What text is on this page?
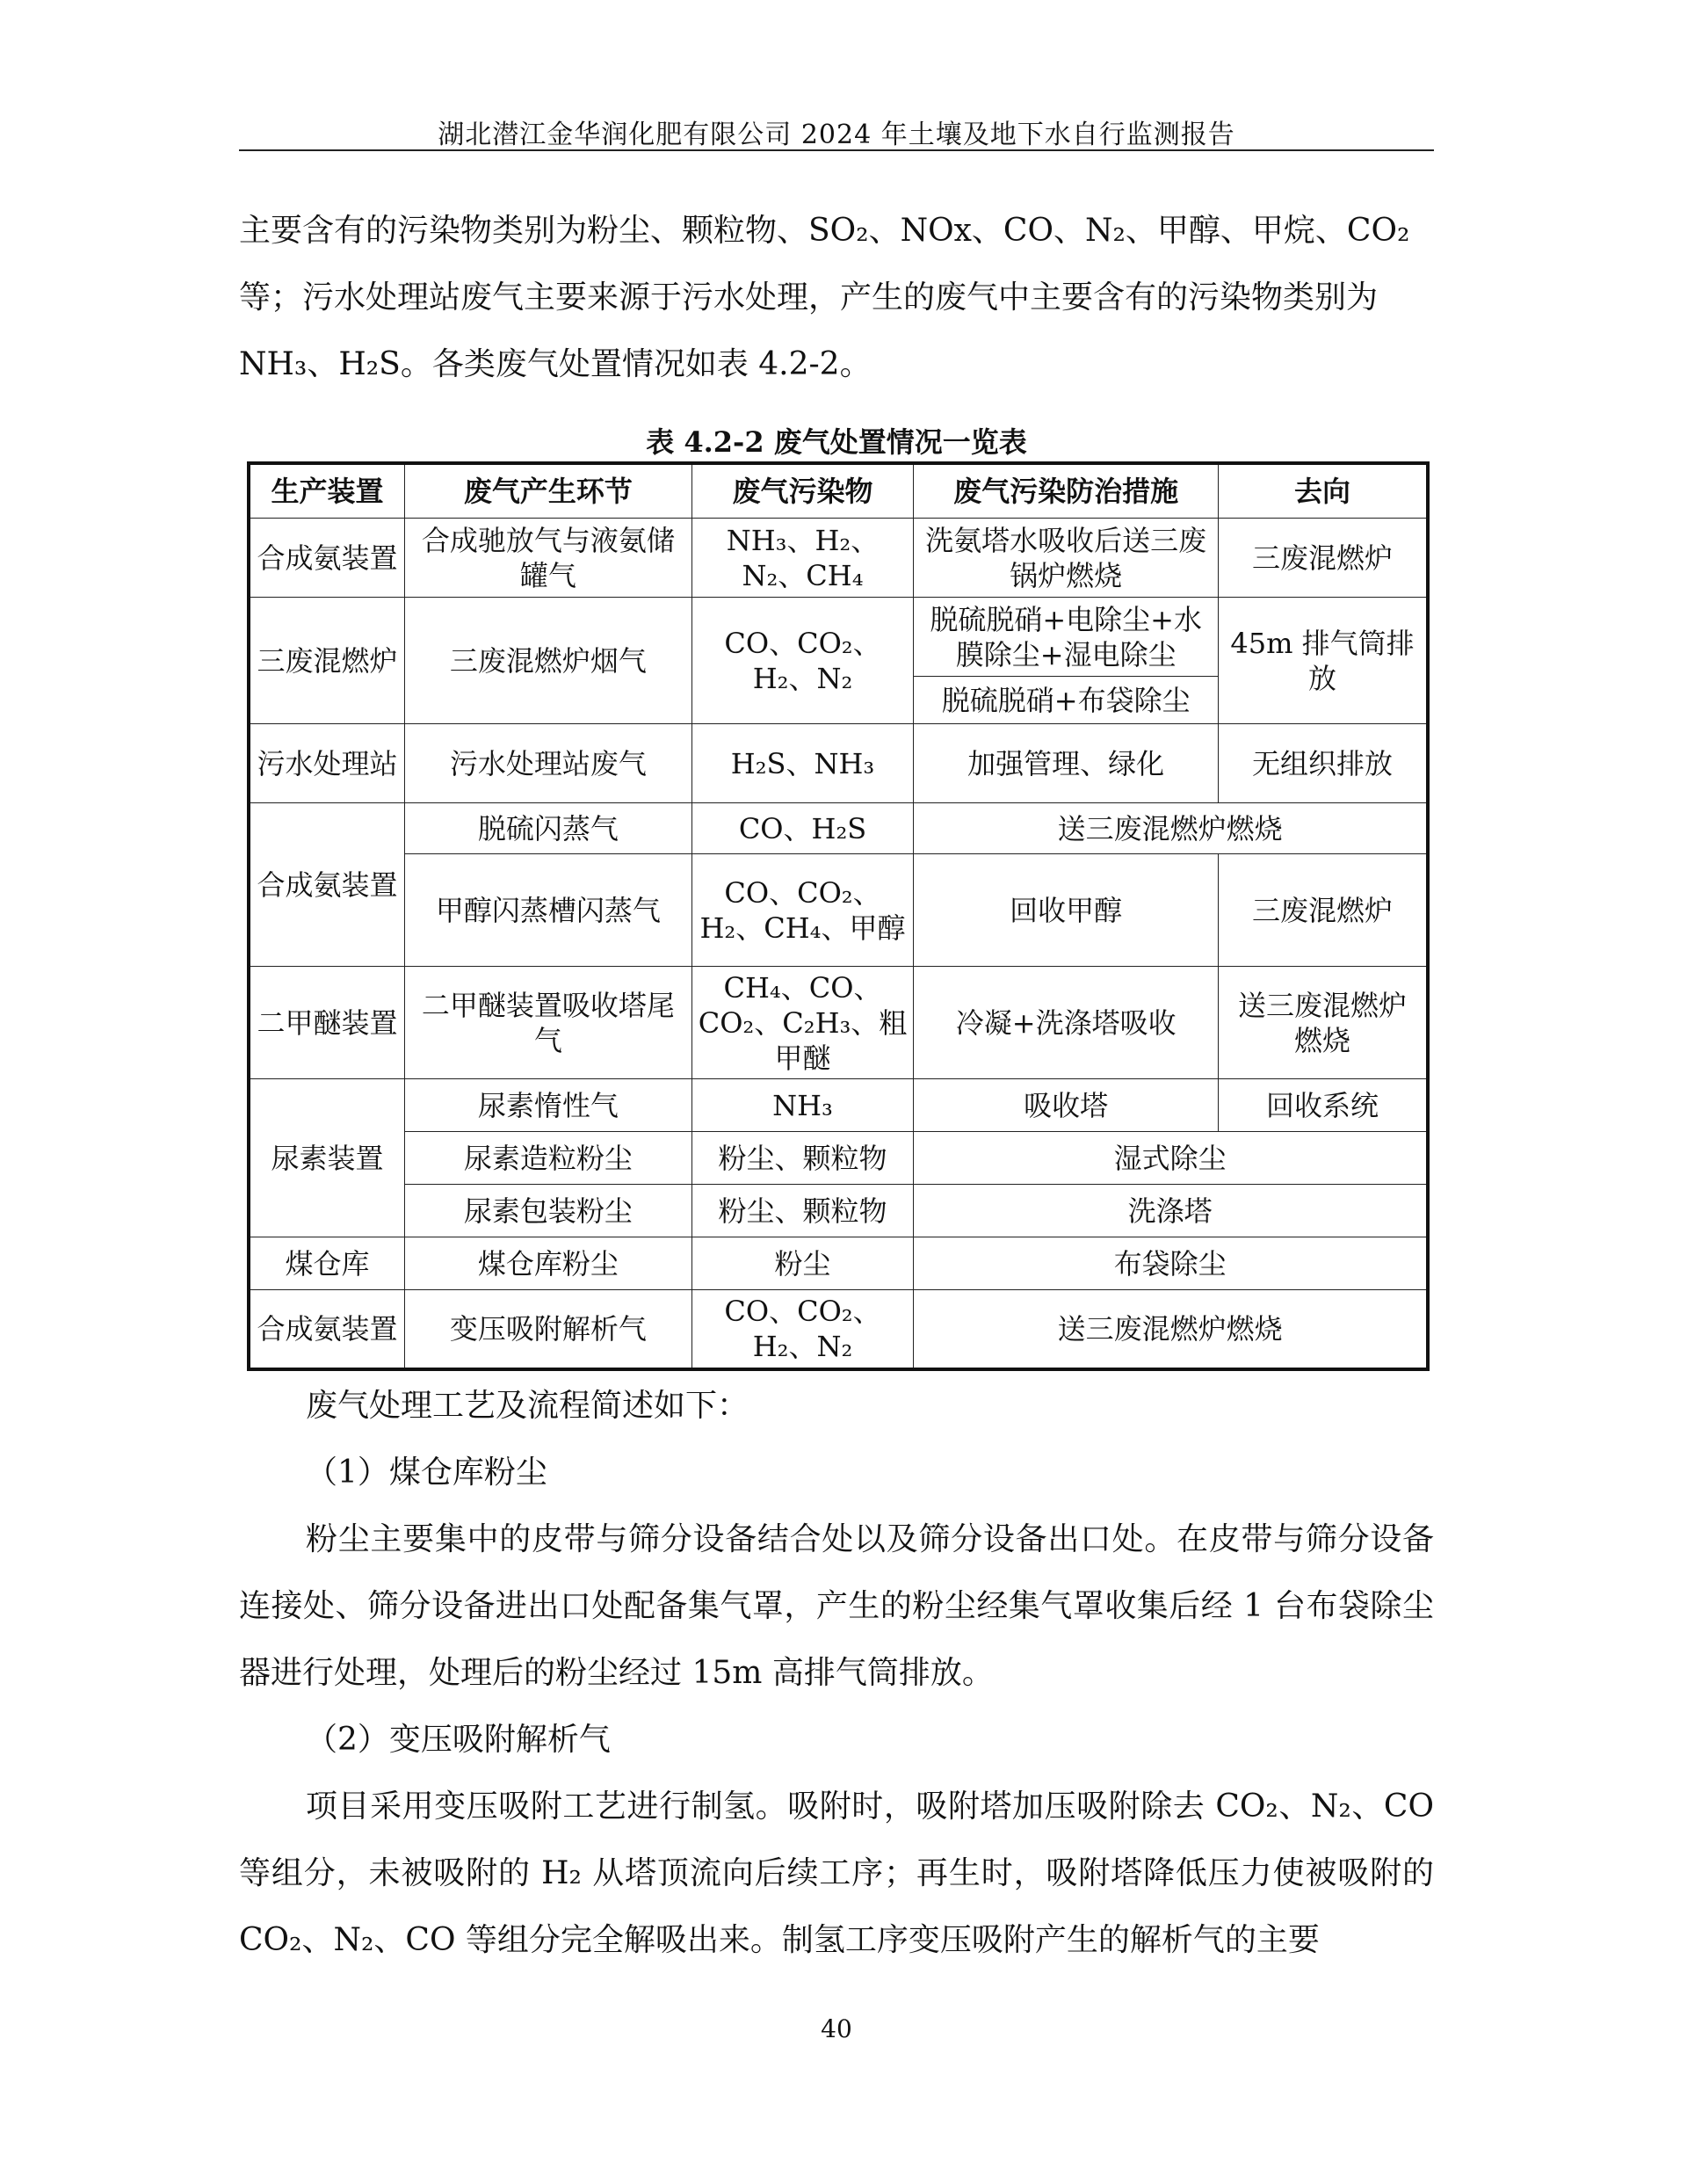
湖北潜江金华润化肥有限公司 2024 年土壤及地下水自行监测报告

主要含有的污染物类别为粉尘、颗粒物、SO₂、NOx、CO、N₂、甲醇、甲烷、CO₂

等；污水处理站废气主要来源于污水处理，产生的废气中主要含有的污染物类别为

NH₃、H₂S。各类废气处置情况如表 4.2-2。

表 4.2-2 废气处置情况一览表
生产装置	废气产生环节	废气污染物	废气污染防治措施	去向
合成氨装置	合成驰放气与液氨储罐气	NH₃、H₂、N₂、CH₄	洗氨塔水吸收后送三废锅炉燃烧	三废混燃炉
三废混燃炉	三废混燃炉烟气	CO、CO₂、H₂、N₂	脱硫脱硝+电除尘+水膜除尘+湿电除尘	45m 排气筒排放
			脱硫脱硝+布袋除尘	
污水处理站	污水处理站废气	H₂S、NH₃	加强管理、绿化	无组织排放
合成氨装置	脱硫闪蒸气	CO、H₂S	送三废混燃炉燃烧	
	甲醇闪蒸槽闪蒸气	CO、CO₂、H₂、CH₄、甲醇	回收甲醇	三废混燃炉
二甲醚装置	二甲醚装置吸收塔尾气	CH₄、CO、CO₂、C₂H₃、粗甲醚	冷凝+洗涤塔吸收	送三废混燃炉燃烧
尿素装置	尿素惰性气	NH₃	吸收塔	回收系统
	尿素造粒粉尘	粉尘、颗粒物	湿式除尘	
	尿素包装粉尘	粉尘、颗粒物	洗涤塔	
煤仓库	煤仓库粉尘	粉尘	布袋除尘	
合成氨装置	变压吸附解析气	CO、CO₂、H₂、N₂	送三废混燃炉燃烧	

废气处理工艺及流程简述如下：

（1）煤仓库粉尘

粉尘主要集中的皮带与筛分设备结合处以及筛分设备出口处。在皮带与筛分设备连接处、筛分设备进出口处配备集气罩，产生的粉尘经集气罩收集后经 1 台布袋除尘器进行处理，处理后的粉尘经过 15m 高排气筒排放。

（2）变压吸附解析气

项目采用变压吸附工艺进行制氢。吸附时，吸附塔加压吸附除去 CO₂、N₂、CO 等组分，未被吸附的 H₂ 从塔顶流向后续工序；再生时，吸附塔降低压力使被吸附的 CO₂、N₂、CO 等组分完全解吸出来。制氢工序变压吸附产生的解析气的主要

40
